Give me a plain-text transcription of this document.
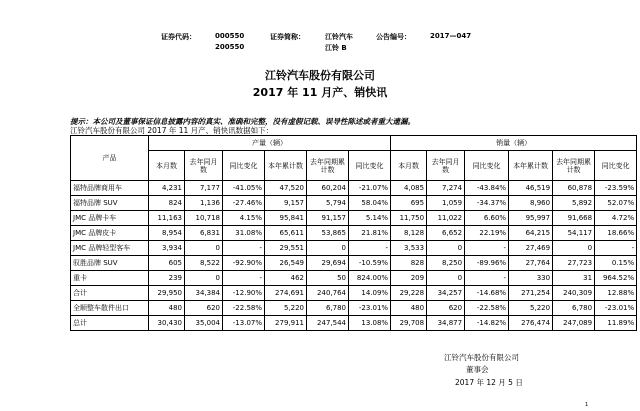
证券代码：	000550
200550
证券简称：	江铃汽车
江铃 B
公告编号：	2017—047
江铃汽车股份有限公司
2017 年 11 月产、销快讯
提示：本公司及董事保证信息披露内容的真实、准确和完整，没有虚假记载、误导性陈述或者重大遗漏。
江铃汽车股份有限公司 2017 年 11 月产、销快讯数据如下：
产品	产量（辆）						销量（辆）					
	本月数	去年同月数	同比变化	本年累计数	去年同期累计数	同比变化	本月数	去年同月数	同比变化	本年累计数	去年同期累计数	同比变化
福特品牌商用车	4,231	7,177	-41.05%	47,520	60,204	-21.07%	4,085	7,274	-43.84%	46,519	60,878	-23.59%
福特品牌 SUV	824	1,136	-27.46%	9,157	5,794	58.04%	695	1,059	-34.37%	8,960	5,892	52.07%
JMC 品牌卡车	11,163	10,718	4.15%	95,841	91,157	5.14%	11,750	11,022	6.60%	95,997	91,668	4.72%
JMC 品牌皮卡	8,954	6,831	31.08%	65,611	53,865	21.81%	8,128	6,652	22.19%	64,215	54,117	18.66%
JMC 品牌轻型客车	3,934	0	-	29,551	0	-	3,533	0	-	27,469	0	-
驭胜品牌 SUV	605	8,522	-92.90%	26,549	29,694	-10.59%	828	8,250	-89.96%	27,764	27,723	0.15%
重卡	239	0	-	462	50	824.00%	209	0	-	330	31	964.52%
合计	29,950	34,384	-12.90%	274,691	240,764	14.09%	29,228	34,257	-14.68%	271,254	240,309	12.88%
全顺整车散件出口	480	620	-22.58%	5,220	6,780	-23.01%	480	620	-22.58%	5,220	6,780	-23.01%
总计	30,430	35,004	-13.07%	279,911	247,544	13.08%	29,708	34,877	-14.82%	276,474	247,089	11.89%
江铃汽车股份有限公司
董事会
2017 年 12 月 5 日
1
